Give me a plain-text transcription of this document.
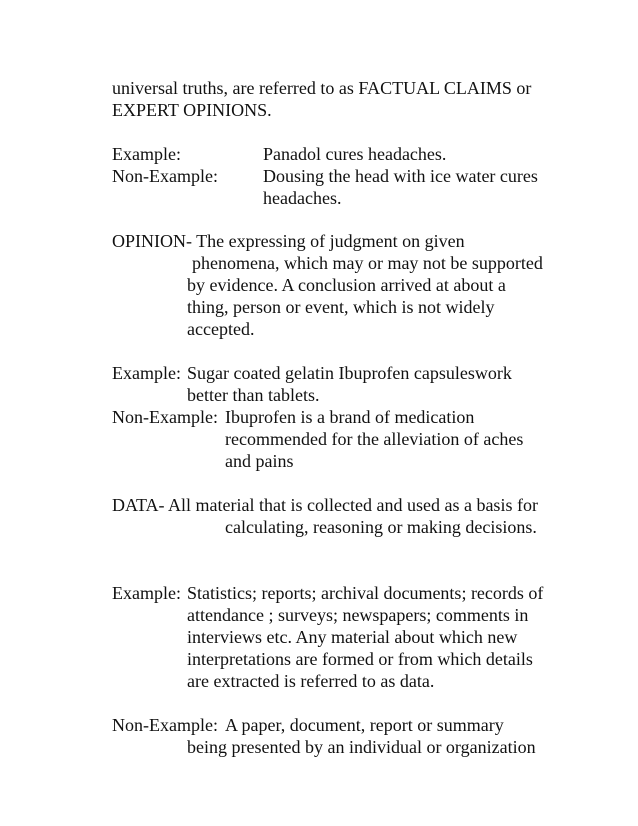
universal truths, are referred to as FACTUAL CLAIMS or

EXPERT OPINIONS.

Example:	Panadol cures headaches.

Non-Example:	Dousing the head with ice water cures

headaches.

OPINION- The expressing of judgment on given

phenomena, which may or may not be supported

by evidence. A conclusion arrived at about a

thing, person or event, which is not widely

accepted.

Example: Sugar coated gelatin Ibuprofen capsuleswork

better than tablets.

Non-Example: Ibuprofen is a brand of medication

recommended for the alleviation of aches

and pains

DATA- All material that is collected and used as a basis for

calculating, reasoning or making decisions.

Example: Statistics; reports; archival documents; records of

attendance ; surveys; newspapers; comments in

interviews etc. Any material about which new

interpretations are formed or from which details

are extracted is referred to as data.

Non-Example: A paper, document, report or summary

being presented by an individual or organization
